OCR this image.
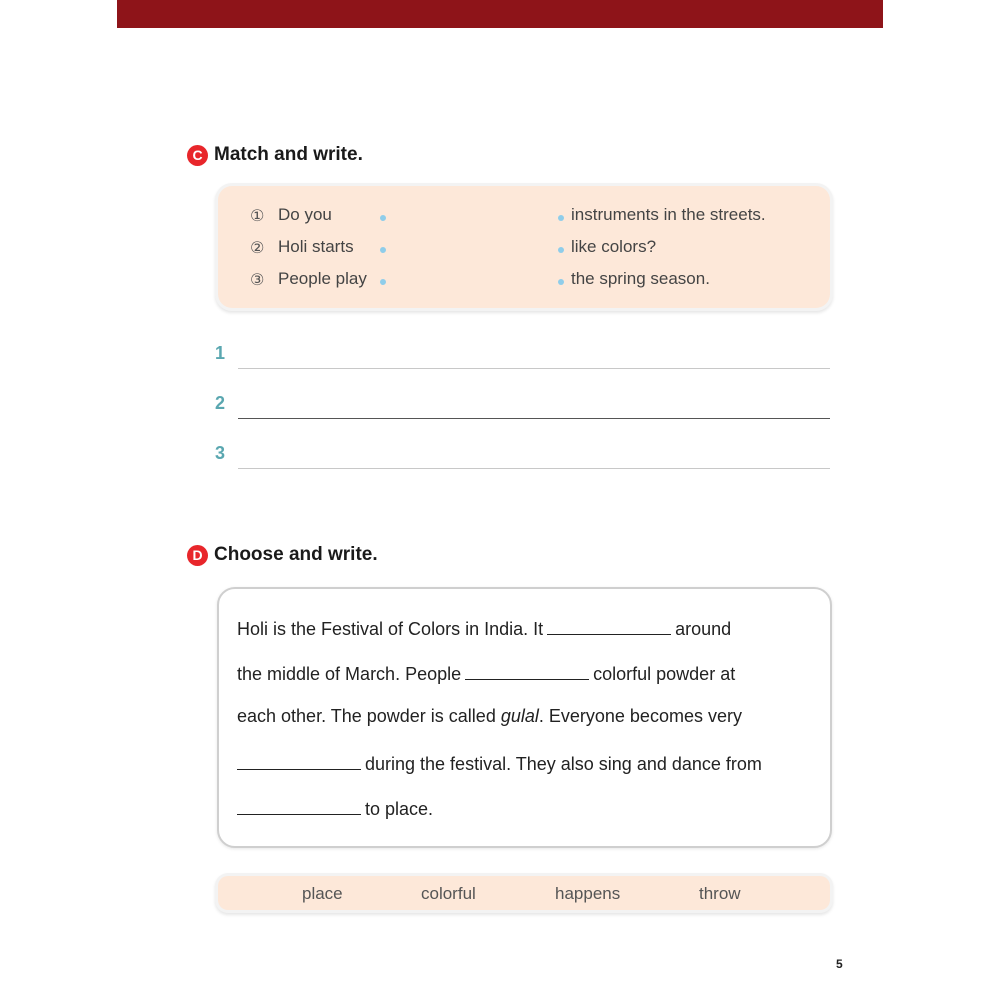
C Match and write.
① Do you	instruments in the streets.
② Holi starts	like colors?
③ People play	the spring season.
1
2
3
D Choose and write.
Holi is the Festival of Colors in India. It	around
the middle of March. People	colorful powder at
each other. The powder is called gulal. Everyone becomes very
during the festival. They also sing and dance from
to place.
place	colorful	happens	throw
5
